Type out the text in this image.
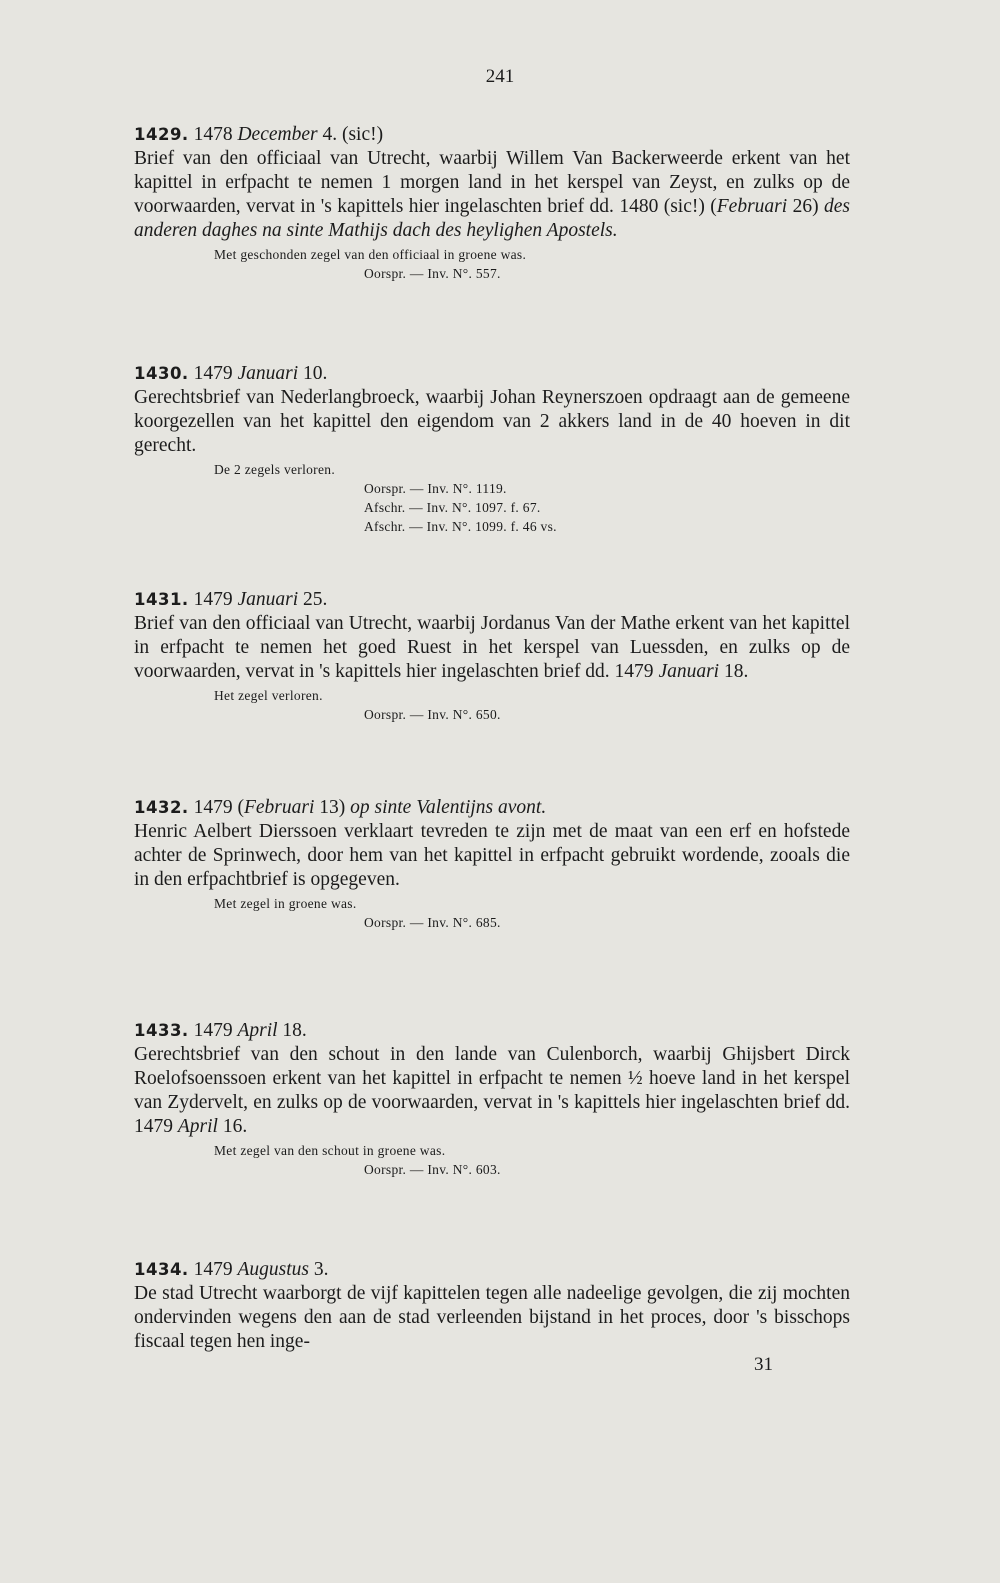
241

1429. 1478 December 4. (sic!)

Brief van den officiaal van Utrecht, waarbij Willem Van Backerweerde erkent van het kapittel in erfpacht te nemen 1 morgen land in het kerspel van Zeyst, en zulks op de voorwaarden, vervat in 's kapittels hier ingelaschten brief dd. 1480 (sic!) (Februari 26) des anderen daghes na sinte Mathijs dach des heylighen Apostels.

Met geschonden zegel van den officiaal in groene was.

Oorspr. — Inv. N°. 557.

1430. 1479 Januari 10.

Gerechtsbrief van Nederlangbroeck, waarbij Johan Reynerszoen opdraagt aan de gemeene koorgezellen van het kapittel den eigendom van 2 akkers land in de 40 hoeven in dit gerecht.

De 2 zegels verloren.

Oorspr. — Inv. N°. 1119.

Afschr. — Inv. N°. 1097. f. 67.

Afschr. — Inv. N°. 1099. f. 46 vs.

1431. 1479 Januari 25.

Brief van den officiaal van Utrecht, waarbij Jordanus Van der Mathe erkent van het kapittel in erfpacht te nemen het goed Ruest in het kerspel van Luessden, en zulks op de voorwaarden, vervat in 's kapittels hier ingelaschten brief dd. 1479 Januari 18.

Het zegel verloren.

Oorspr. — Inv. N°. 650.

1432. 1479 (Februari 13) op sinte Valentijns avont.

Henric Aelbert Dierssoen verklaart tevreden te zijn met de maat van een erf en hofstede achter de Sprinwech, door hem van het kapittel in erfpacht gebruikt wordende, zooals die in den erfpachtbrief is opgegeven.

Met zegel in groene was.

Oorspr. — Inv. N°. 685.

1433. 1479 April 18.

Gerechtsbrief van den schout in den lande van Culenborch, waarbij Ghijsbert Dirck Roelofsoenssoen erkent van het kapittel in erfpacht te nemen ½ hoeve land in het kerspel van Zydervelt, en zulks op de voorwaarden, vervat in 's kapittels hier ingelaschten brief dd. 1479 April 16.

Met zegel van den schout in groene was.

Oorspr. — Inv. N°. 603.

1434. 1479 Augustus 3.

De stad Utrecht waarborgt de vijf kapittelen tegen alle nadeelige gevolgen, die zij mochten ondervinden wegens den aan de stad verleenden bijstand in het proces, door 's bisschops fiscaal tegen hen inge-

31
